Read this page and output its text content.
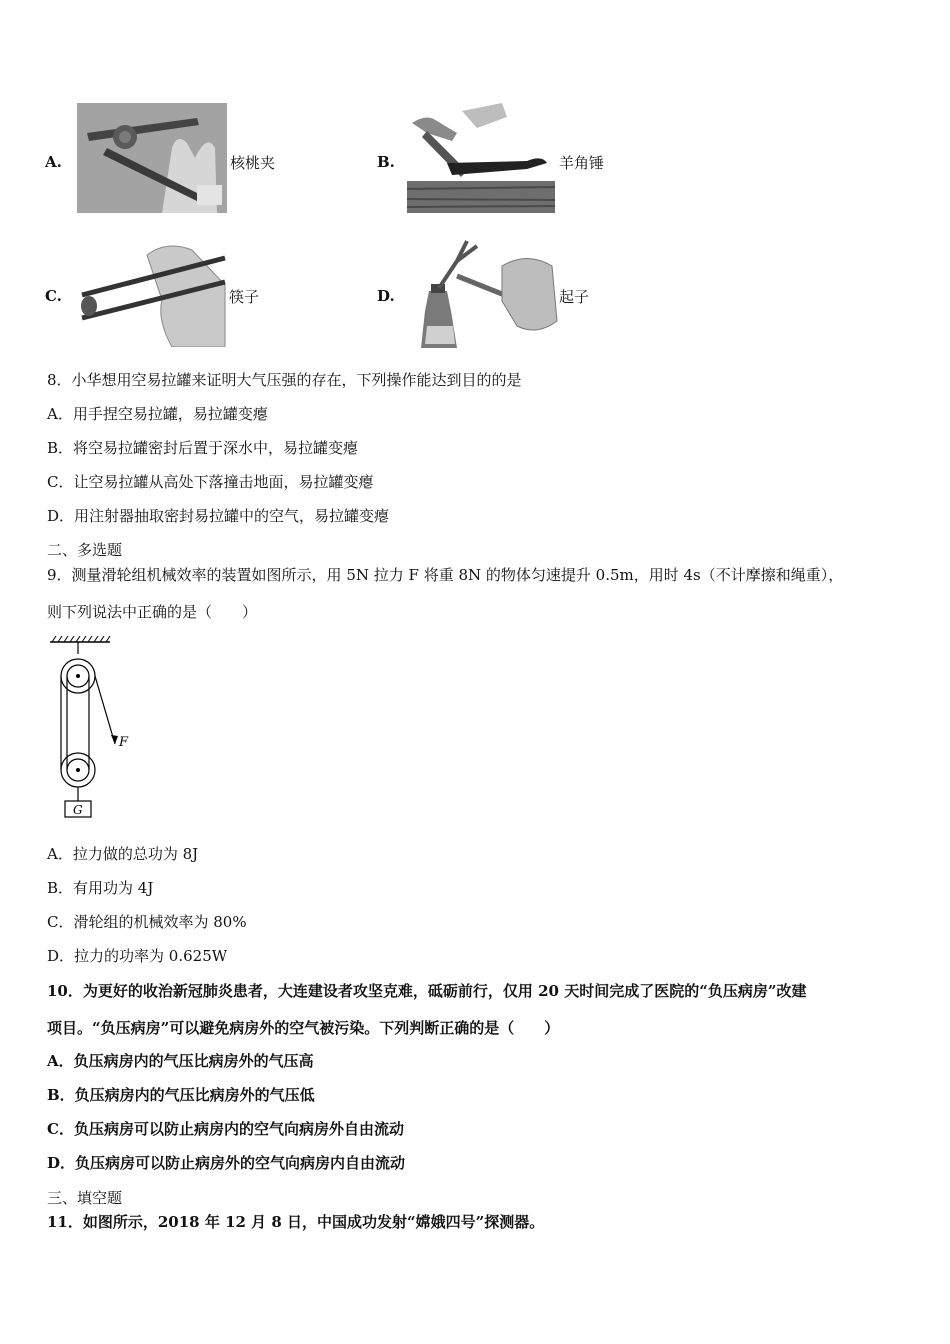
A.	核桃夹	B.	羊角锤
C.	筷子	D.	起子
8．小华想用空易拉罐来证明大气压强的存在，下列操作能达到目的的是
A．用手捏空易拉罐，易拉罐变瘪
B．将空易拉罐密封后置于深水中，易拉罐变瘪
C．让空易拉罐从高处下落撞击地面，易拉罐变瘪
D．用注射器抽取密封易拉罐中的空气，易拉罐变瘪
二、多选题
9．测量滑轮组机械效率的装置如图所示，用 5N 拉力 F 将重 8N 的物体匀速提升 0.5m，用时 4s（不计摩擦和绳重），
则下列说法中正确的是（　　）
F
G
A．拉力做的总功为 8J
B．有用功为 4J
C．滑轮组的机械效率为 80%
D．拉力的功率为 0.625W
10．为更好的收治新冠肺炎患者，大连建设者攻坚克难，砥砺前行，仅用 20 天时间完成了医院的“负压病房”改建
项目。“负压病房”可以避免病房外的空气被污染。下列判断正确的是（　　）
A．负压病房内的气压比病房外的气压高
B．负压病房内的气压比病房外的气压低
C．负压病房可以防止病房内的空气向病房外自由流动
D．负压病房可以防止病房外的空气向病房内自由流动
三、填空题
11．如图所示，2018 年 12 月 8 日，中国成功发射“嫦娥四号”探测器。
